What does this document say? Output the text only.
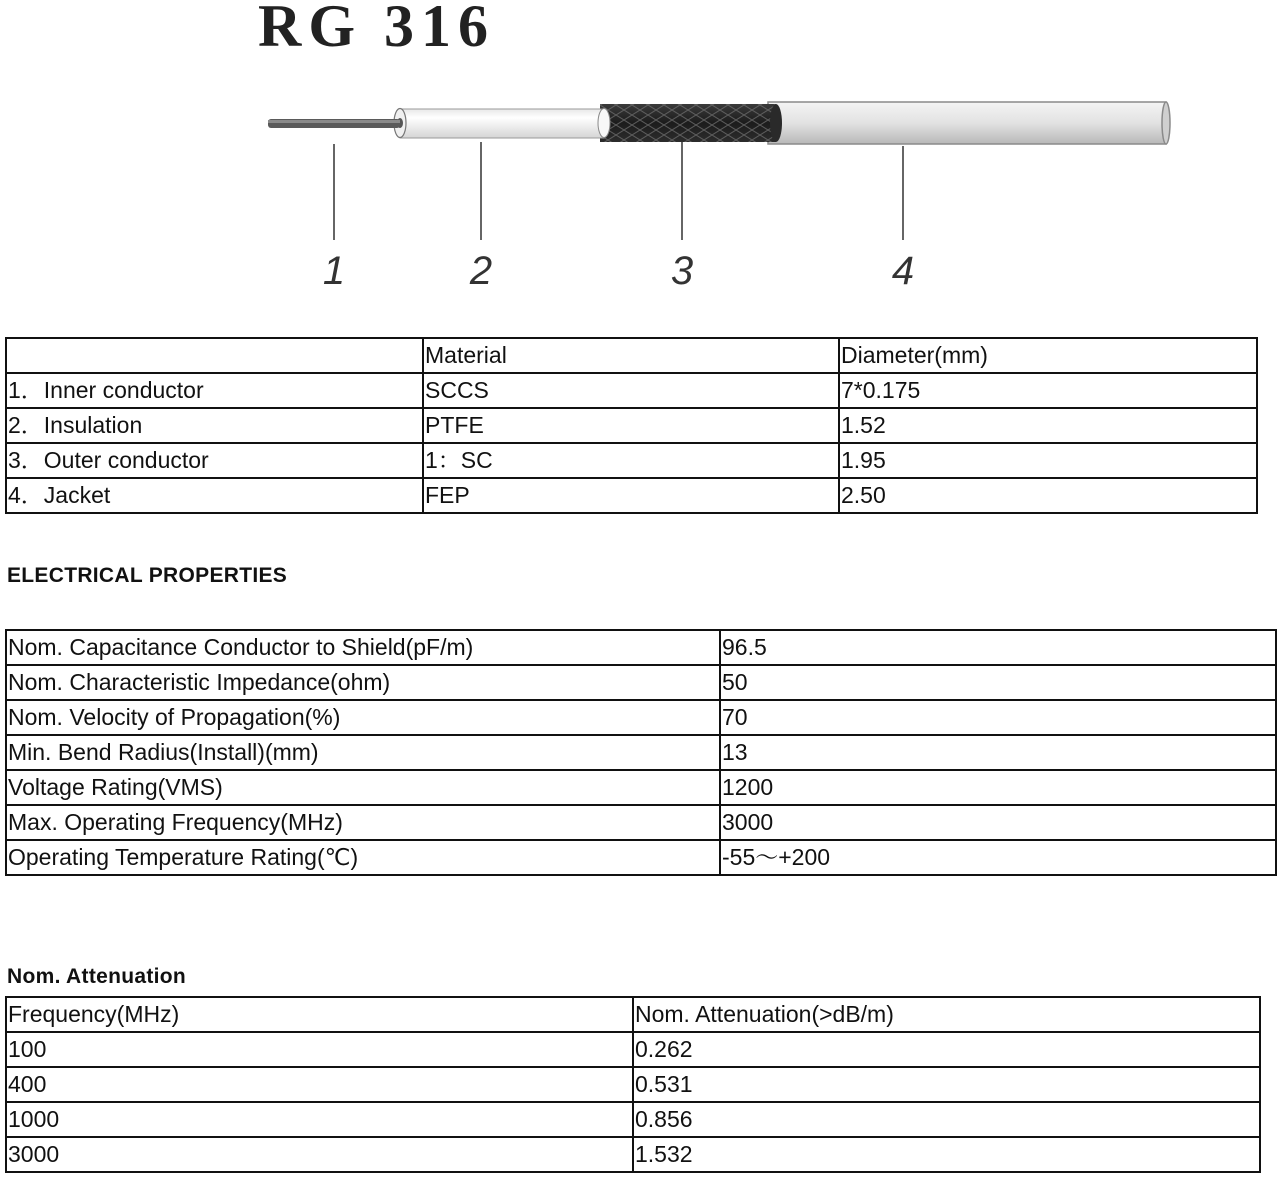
RG 316
1	2	3	4
	Material	Diameter(mm)
1．Inner conductor	SCCS	7*0.175
2．Insulation	PTFE	1.52
3．Outer conductor	1：SC	1.95
4．Jacket	FEP	2.50
ELECTRICAL PROPERTIES
Nom. Capacitance Conductor to Shield(pF/m)	96.5
Nom. Characteristic Impedance(ohm)	50
Nom. Velocity of Propagation(%)	70
Min. Bend Radius(Install)(mm)	13
Voltage Rating(VMS)	1200
Max. Operating Frequency(MHz)	3000
Operating Temperature Rating(℃)	-55～+200
Nom. Attenuation
Frequency(MHz)	Nom. Attenuation(>dB/m)
100	0.262
400	0.531
1000	0.856
3000	1.532
